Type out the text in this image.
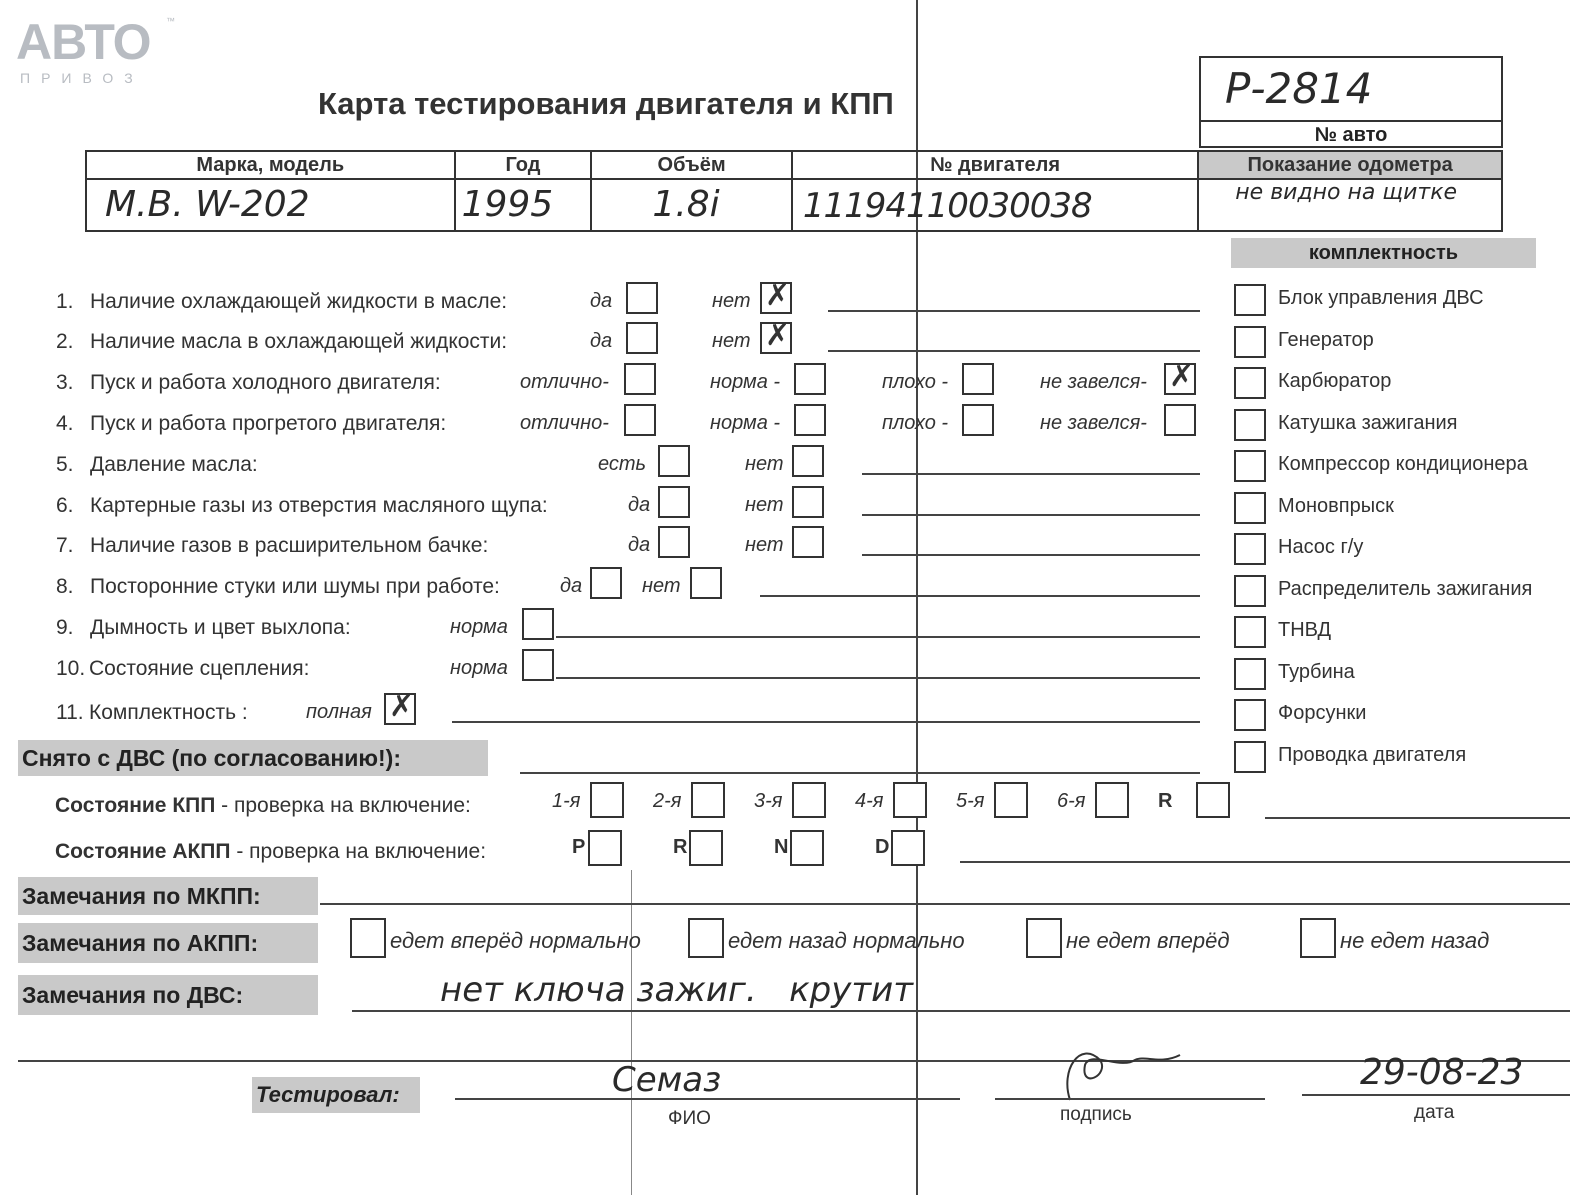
АВТО
ПРИВОЗ
™
Карта тестирования двигателя и КПП	Р-2814
№ авто
Марка, модель	Год	Объём	№ двигателя	Показание одометра

М.В. W-202	1995	1.8i	11194110030038	не видно на щитке
комплектность
Блок управления ДВС
Генератор
Карбюратор
Катушка зажигания
Компрессор кондиционера
Моновпрыск
Насос г/у
Распределитель зажигания
ТНВД
Турбина
Форсунки
Проводка двигателя
1. Наличие охлаждающей жидкости в масле:	да	нет
✗
2. Наличие масла в охлаждающей жидкости:	да	нет
✗
3. Пуск и работа холодного двигателя:	отлично-	норма -	плохо -	не завелся-
✗
4. Пуск и работа прогретого двигателя:	отлично-	норма -	плохо -	не завелся-
5. Давление масла:	есть	нет
6. Картерные газы из отверстия масляного щупа:	да	нет
7. Наличие газов в расширительном бачке:	да	нет
8. Посторонние стуки или шумы при работе:	да	нет
9. Дымность и цвет выхлопа:	норма
10. Состояние сцепления:	норма
11. Комплектность :	полная
✗
Снято с ДВС (по согласованию!):
Состояние КПП - проверка на включение:	1-я	2-я	3-я	4-я	5-я	6-я	R
Состояние АКПП - проверка на включение:	P	R	N	D
Замечания по МКПП:
Замечания по АКПП:	едет вперёд нормально	едет назад нормально	не едет вперёд	не едет назад
Замечания по ДВС:	нет ключа зажиг.   крутит
Тестировал:	Семаз
ФИО	подпись
29-08-23
дата
